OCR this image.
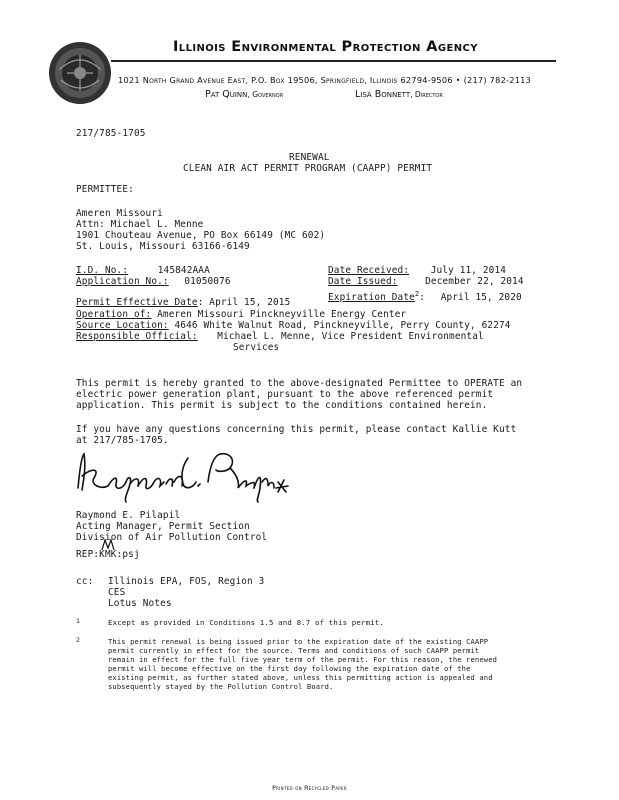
Illinois Environmental Protection Agency
1021 North Grand Avenue East, P.O. Box 19506, Springfield, Illinois 62794-9506 • (217) 782-2113
Pat Quinn, Governor	Lisa Bonnett, Director
217/785-1705
RENEWAL
CLEAN AIR ACT PERMIT PROGRAM (CAAPP) PERMIT
PERMITTEE:
Ameren Missouri
Attn: Michael L. Menne
1901 Chouteau Avenue, PO Box 66149 (MC 602)
St. Louis, Missouri 63166-6149
I.D. No.:	145842AAA
Application No.: 01050076
Permit Effective Date: April 15, 2015
Date Received: July 11, 2014
Date Issued:	December 22, 2014
Expiration Date$^2$: April 15, 2020
Operation of: Ameren Missouri Pinckneyville Energy Center
Source Location: 4646 White Walnut Road, Pinckneyville, Perry County, 62274
Responsible Official: Michael L. Menne, Vice President Environmental
Services
This permit is hereby granted to the above-designated Permittee to OPERATE an
electric power generation plant, pursuant to the above referenced permit
application. This permit is subject to the conditions contained herein.
If you have any questions concerning this permit, please contact Kallie Kutt
at 217/785-1705.
Raymond E. Pilapil
Acting Manager, Permit Section
Division of Air Pollution Control
REP:KMK:psj
cc: Illinois EPA, FOS, Region 3
CES
Lotus Notes
1	Except as provided in Conditions 1.5 and 8.7 of this permit.
2	This permit renewal is being issued prior to the expiration date of the existing CAAPP
permit currently in effect for the source. Terms and conditions of such CAAPP permit
remain in effect for the full five year term of the permit. For this reason, the renewed
permit will become effective on the first day following the expiration date of the
existing permit, as further stated above, unless this permitting action is appealed and
subsequently stayed by the Pollution Control Board.
Printed on Recycled Paper
